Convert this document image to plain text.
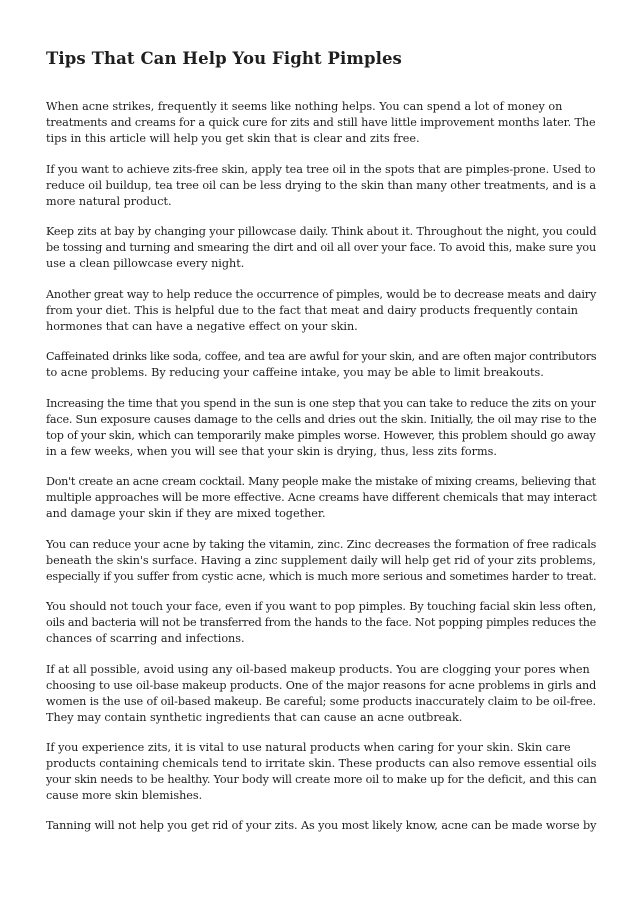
Tips That Can Help You Fight Pimples
When acne strikes, frequently it seems like nothing helps. You can spend a lot of money on
treatments and creams for a quick cure for zits and still have little improvement months later. The
tips in this article will help you get skin that is clear and zits free.
If you want to achieve zits-free skin, apply tea tree oil in the spots that are pimples-prone. Used to
reduce oil buildup, tea tree oil can be less drying to the skin than many other treatments, and is a
more natural product.
Keep zits at bay by changing your pillowcase daily. Think about it. Throughout the night, you could
be tossing and turning and smearing the dirt and oil all over your face. To avoid this, make sure you
use a clean pillowcase every night.
Another great way to help reduce the occurrence of pimples, would be to decrease meats and dairy
from your diet. This is helpful due to the fact that meat and dairy products frequently contain
hormones that can have a negative effect on your skin.
Caffeinated drinks like soda, coffee, and tea are awful for your skin, and are often major contributors
to acne problems. By reducing your caffeine intake, you may be able to limit breakouts.
Increasing the time that you spend in the sun is one step that you can take to reduce the zits on your
face. Sun exposure causes damage to the cells and dries out the skin. Initially, the oil may rise to the
top of your skin, which can temporarily make pimples worse. However, this problem should go away
in a few weeks, when you will see that your skin is drying, thus, less zits forms.
Don't create an acne cream cocktail. Many people make the mistake of mixing creams, believing that
multiple approaches will be more effective. Acne creams have different chemicals that may interact
and damage your skin if they are mixed together.
You can reduce your acne by taking the vitamin, zinc. Zinc decreases the formation of free radicals
beneath the skin's surface. Having a zinc supplement daily will help get rid of your zits problems,
especially if you suffer from cystic acne, which is much more serious and sometimes harder to treat.
You should not touch your face, even if you want to pop pimples. By touching facial skin less often,
oils and bacteria will not be transferred from the hands to the face. Not popping pimples reduces the
chances of scarring and infections.
If at all possible, avoid using any oil-based makeup products. You are clogging your pores when
choosing to use oil-base makeup products. One of the major reasons for acne problems in girls and
women is the use of oil-based makeup. Be careful; some products inaccurately claim to be oil-free.
They may contain synthetic ingredients that can cause an acne outbreak.
If you experience zits, it is vital to use natural products when caring for your skin. Skin care
products containing chemicals tend to irritate skin. These products can also remove essential oils
your skin needs to be healthy. Your body will create more oil to make up for the deficit, and this can
cause more skin blemishes.
Tanning will not help you get rid of your zits. As you most likely know, acne can be made worse by
